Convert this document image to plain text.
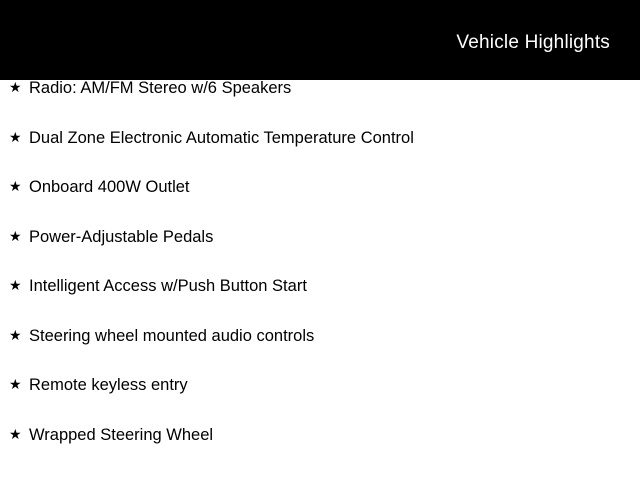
Vehicle Highlights
★ Radio: AM/FM Stereo w/6 Speakers
★ Dual Zone Electronic Automatic Temperature Control
★ Onboard 400W Outlet
★ Power-Adjustable Pedals
★ Intelligent Access w/Push Button Start
★ Steering wheel mounted audio controls
★ Remote keyless entry
★ Wrapped Steering Wheel
